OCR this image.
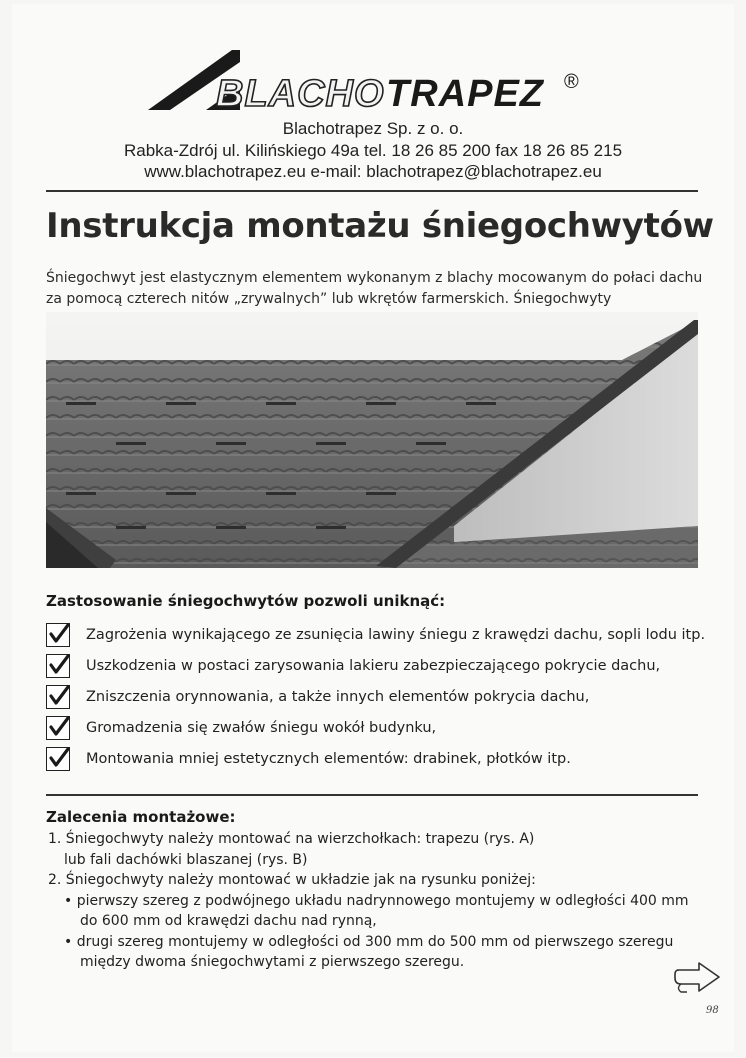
BLACHO TRAPEZ ®
Blachotrapez Sp. z o. o.
Rabka-Zdrój ul. Kilińskiego 49a tel. 18 26 85 200 fax 18 26 85 215
www.blachotrapez.eu e-mail: blachotrapez@blachotrapez.eu
Instrukcja montażu śniegochwytów
Śniegochwyt jest elastycznym elementem wykonanym z blachy mocowanym do połaci dachu
za pomocą czterech nitów „zrywalnych” lub wkrętów farmerskich. Śniegochwyty
Zastosowanie śniegochwytów pozwoli uniknąć:
Zagrożenia wynikającego ze zsunięcia lawiny śniegu z krawędzi dachu, sopli lodu itp.
Uszkodzenia w postaci zarysowania lakieru zabezpieczającego pokrycie dachu,
Zniszczenia orynnowania, a także innych elementów pokrycia dachu,
Gromadzenia się zwałów śniegu wokół budynku,
Montowania mniej estetycznych elementów: drabinek, płotków itp.
Zalecenia montażowe:
1. Śniegochwyty należy montować na wierzchołkach: trapezu (rys. A)
lub fali dachówki blaszanej (rys. B)
2. Śniegochwyty należy montować w układzie jak na rysunku poniżej:
• pierwszy szereg z podwójnego układu nadrynnowego montujemy w odległości 400 mm
do 600 mm od krawędzi dachu nad rynną,
• drugi szereg montujemy w odległości od 300 mm do 500 mm od pierwszego szeregu
między dwoma śniegochwytami z pierwszego szeregu.
98
